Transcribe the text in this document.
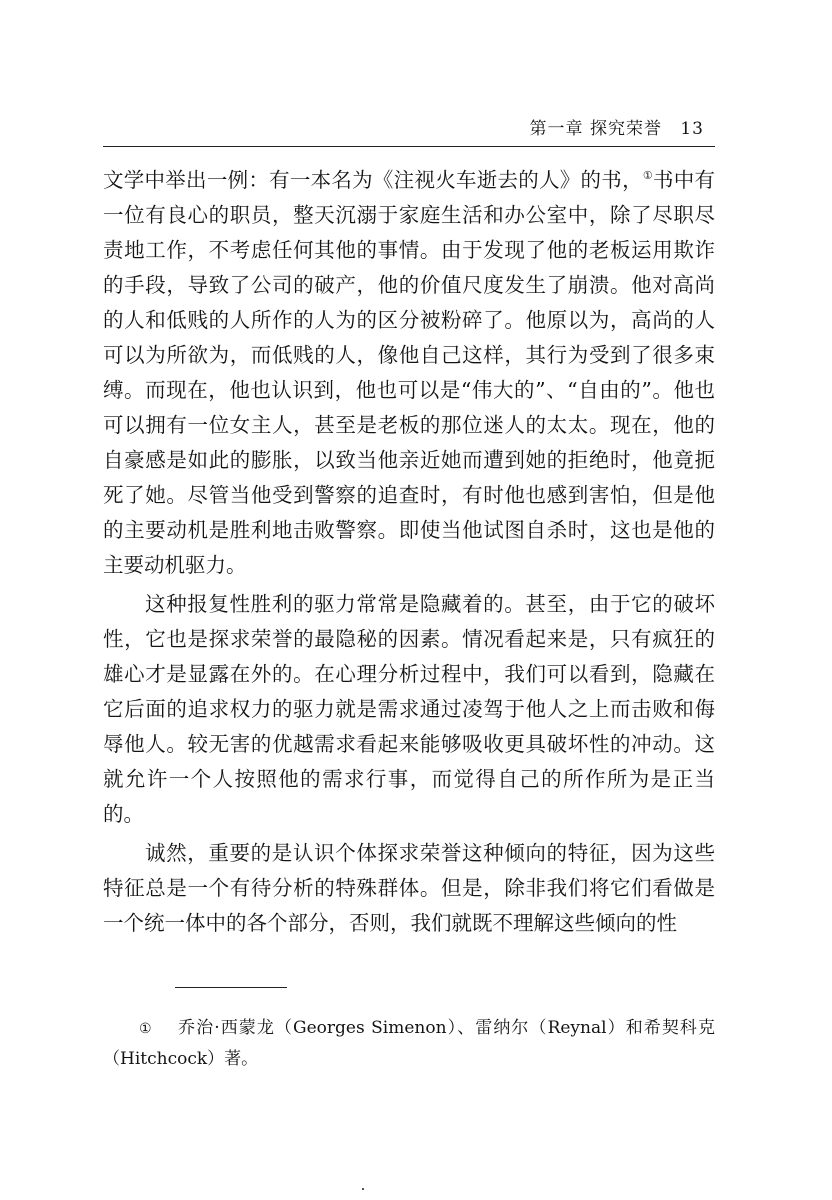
第一章 探究荣誉 13

文学中举出一例：有一本名为《注视火车逝去的人》的书，①书中有一位有良心的职员，整天沉溺于家庭生活和办公室中，除了尽职尽责地工作，不考虑任何其他的事情。由于发现了他的老板运用欺诈的手段，导致了公司的破产，他的价值尺度发生了崩溃。他对高尚的人和低贱的人所作的人为的区分被粉碎了。他原以为，高尚的人可以为所欲为，而低贱的人，像他自己这样，其行为受到了很多束缚。而现在，他也认识到，他也可以是“伟大的”、“自由的”。他也可以拥有一位女主人，甚至是老板的那位迷人的太太。现在，他的自豪感是如此的膨胀，以致当他亲近她而遭到她的拒绝时，他竟扼死了她。尽管当他受到警察的追查时，有时他也感到害怕，但是他的主要动机是胜利地击败警察。即使当他试图自杀时，这也是他的主要动机驱力。

这种报复性胜利的驱力常常是隐藏着的。甚至，由于它的破坏性，它也是探求荣誉的最隐秘的因素。情况看起来是，只有疯狂的雄心才是显露在外的。在心理分析过程中，我们可以看到，隐藏在它后面的追求权力的驱力就是需求通过凌驾于他人之上而击败和侮辱他人。较无害的优越需求看起来能够吸收更具破坏性的冲动。这就允许一个人按照他的需求行事，而觉得自己的所作所为是正当的。

诚然，重要的是认识个体探求荣誉这种倾向的特征，因为这些特征总是一个有待分析的特殊群体。但是，除非我们将它们看做是一个统一体中的各个部分，否则，我们就既不理解这些倾向的性

① 乔治·西蒙龙（Georges Simenon）、雷纳尔（Reynal）和希契科克（Hitchcock）著。
